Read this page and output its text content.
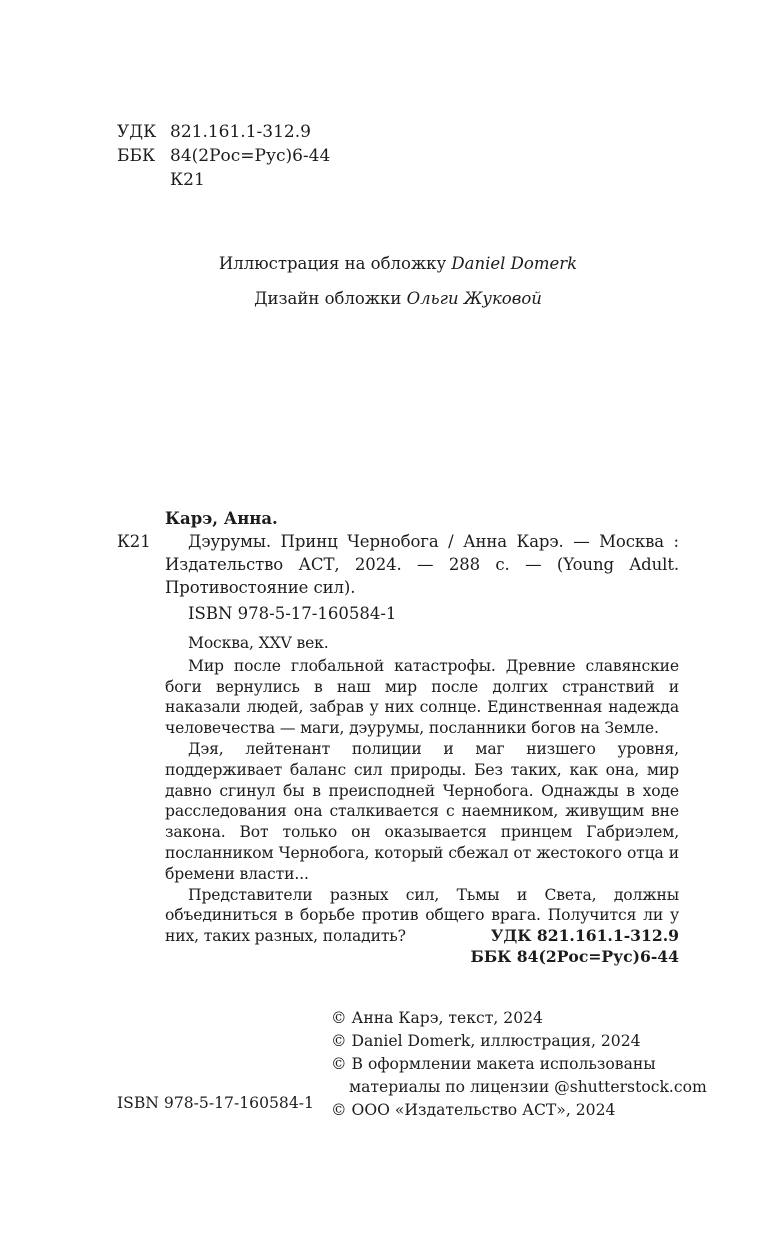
УДК 821.161.1-312.9
ББК 84(2Рос=Рус)6-44
К21
Иллюстрация на обложку Daniel Domerk
Дизайн обложки Ольги Жуковой
Карэ, Анна.
К21	Дэурумы. Принц Чернобога / Анна Карэ. — Москва : Издательство АСТ, 2024. — 288 с. — (Young Adult. Противостояние сил).
ISBN 978-5-17-160584-1

Москва, XXV век.

Мир после глобальной катастрофы. Древние славянские боги вернулись в наш мир после долгих странствий и наказали людей, забрав у них солнце. Единственная надежда человечества — маги, дэурумы, посланники богов на Земле.

Дэя, лейтенант полиции и маг низшего уровня, поддерживает баланс сил природы. Без таких, как она, мир давно сгинул бы в преисподней Чернобога. Однажды в ходе расследования она сталкивается с наемником, живущим вне закона. Вот только он оказывается принцем Габриэлем, посланником Чернобога, который сбежал от жестокого отца и бремени власти...

Представители разных сил, Тьмы и Света, должны объединиться в борьбе против общего врага. Получится ли у них, таких разных, поладить?	УДК 821.161.1-312.9
ББК 84(2Рос=Рус)6-44
ISBN 978-5-17-160584-1
© Анна Карэ, текст, 2024
© Daniel Domerk, иллюстрация, 2024
© В оформлении макета использованы
материалы по лицензии @shutterstock.com
© ООО «Издательство АСТ», 2024
